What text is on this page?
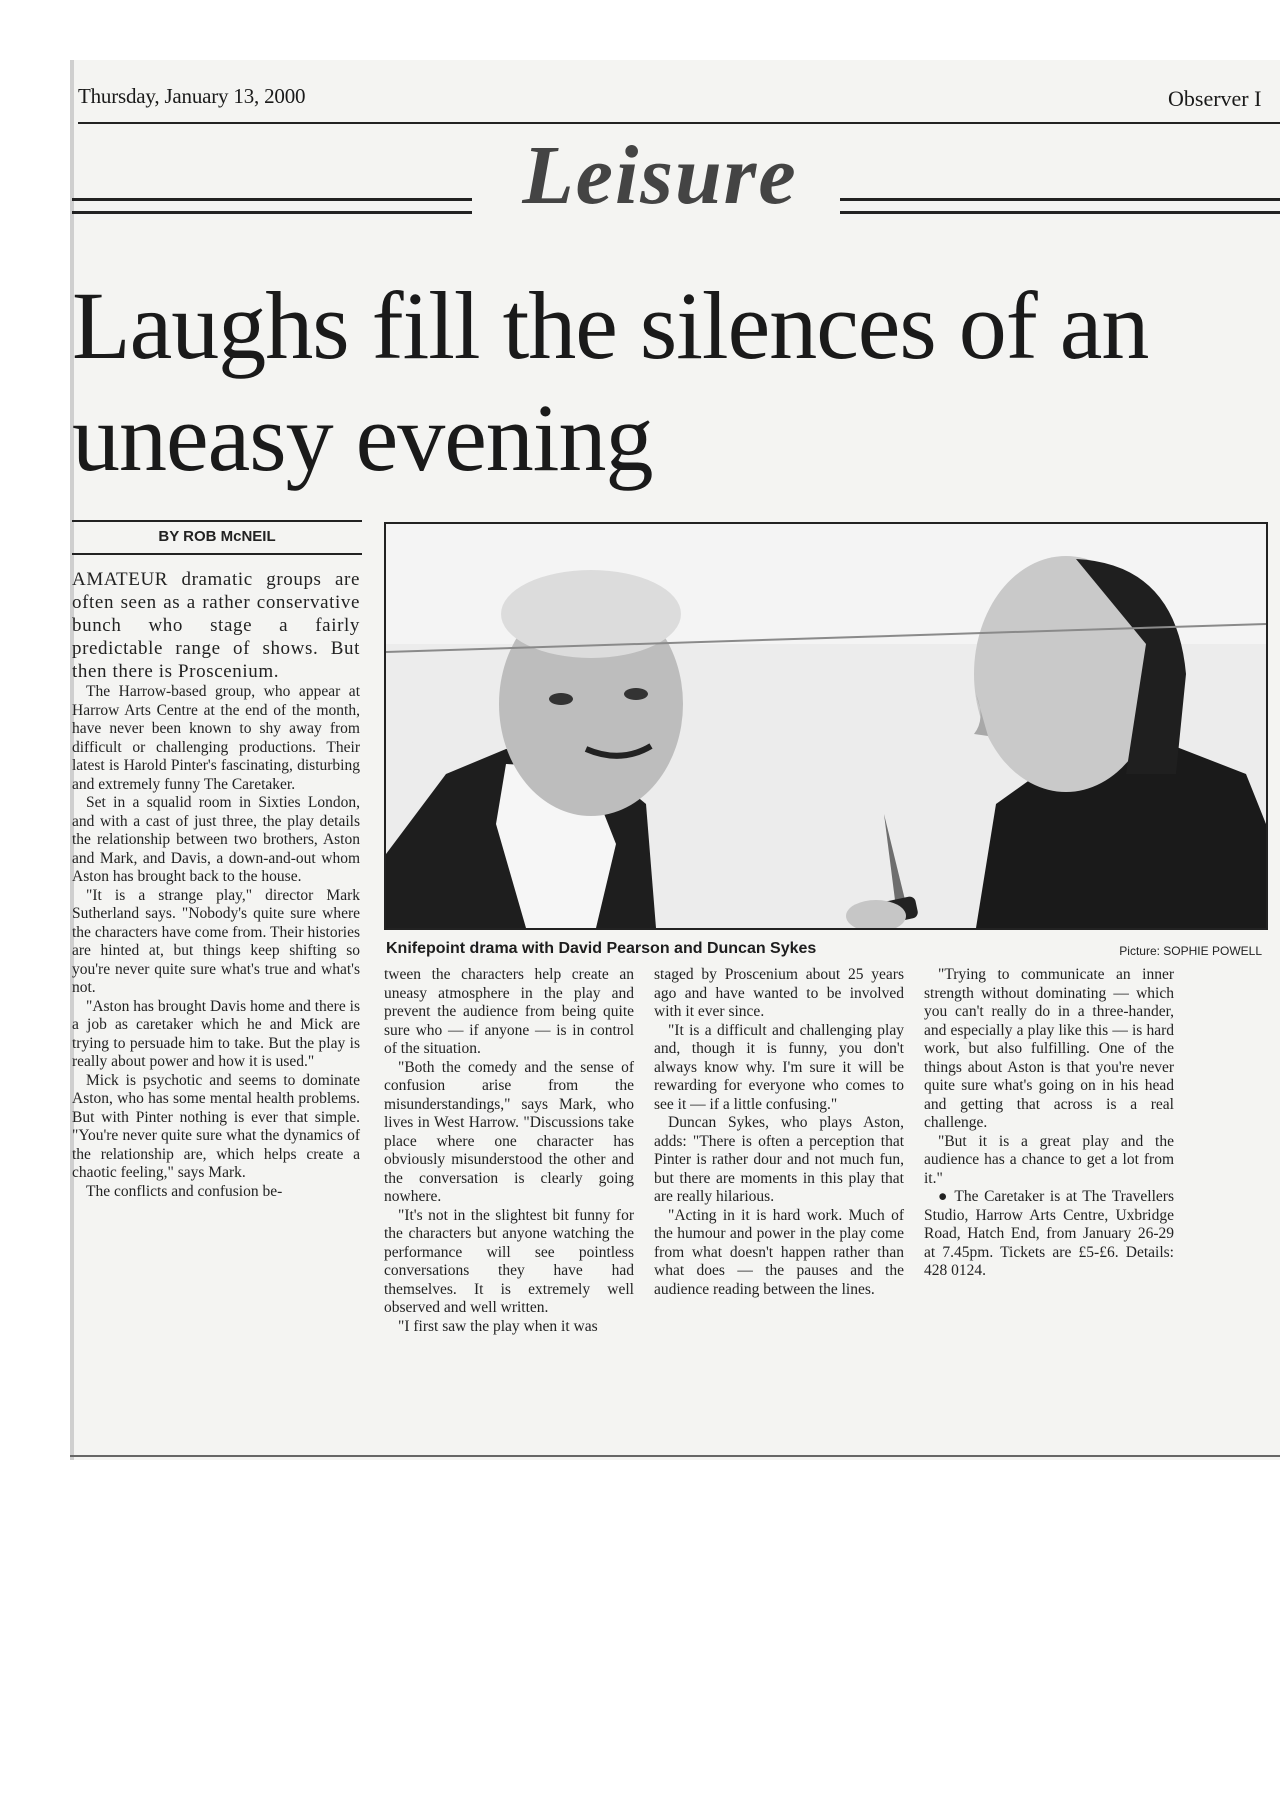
Thursday, January 13, 2000	Observer I
Leisure
Laughs fill the silences of an uneasy evening
BY ROB McNEIL

AMATEUR dramatic groups are often seen as a rather conservative bunch who stage a fairly predictable range of shows. But then there is Proscenium.

The Harrow-based group, who appear at Harrow Arts Centre at the end of the month, have never been known to shy away from difficult or challenging productions. Their latest is Harold Pinter's fascinating, disturbing and extremely funny The Caretaker.

Set in a squalid room in Sixties London, and with a cast of just three, the play details the relationship between two brothers, Aston and Mark, and Davis, a down-and-out whom Aston has brought back to the house.

"It is a strange play," director Mark Sutherland says. "Nobody's quite sure where the characters have come from. Their histories are hinted at, but things keep shifting so you're never quite sure what's true and what's not.

"Aston has brought Davis home and there is a job as caretaker which he and Mick are trying to persuade him to take. But the play is really about power and how it is used."

Mick is psychotic and seems to dominate Aston, who has some mental health problems. But with Pinter nothing is ever that simple. "You're never quite sure what the dynamics of the relationship are, which helps create a chaotic feeling," says Mark.

The conflicts and confusion be-

Knifepoint drama with David Pearson and Duncan Sykes	Picture: SOPHIE POWELL

tween the characters help create an uneasy atmosphere in the play and prevent the audience from being quite sure who — if anyone — is in control of the situation.

"Both the comedy and the sense of confusion arise from the misunderstandings," says Mark, who lives in West Harrow. "Discussions take place where one character has obviously misunderstood the other and the conversation is clearly going nowhere.

"It's not in the slightest bit funny for the characters but anyone watching the performance will see pointless conversations they have had themselves. It is extremely well observed and well written.

"I first saw the play when it was

staged by Proscenium about 25 years ago and have wanted to be involved with it ever since.

"It is a difficult and challenging play and, though it is funny, you don't always know why. I'm sure it will be rewarding for everyone who comes to see it — if a little confusing."

Duncan Sykes, who plays Aston, adds: "There is often a perception that Pinter is rather dour and not much fun, but there are moments in this play that are really hilarious.

"Acting in it is hard work. Much of the humour and power in the play come from what doesn't happen rather than what does — the pauses and the audience reading between the lines.

"Trying to communicate an inner strength without dominating — which you can't really do in a three-hander, and especially a play like this — is hard work, but also fulfilling. One of the things about Aston is that you're never quite sure what's going on in his head and getting that across is a real challenge.

"But it is a great play and the audience has a chance to get a lot from it."

● The Caretaker is at The Travellers Studio, Harrow Arts Centre, Uxbridge Road, Hatch End, from January 26-29 at 7.45pm. Tickets are £5-£6. Details: 428 0124.
